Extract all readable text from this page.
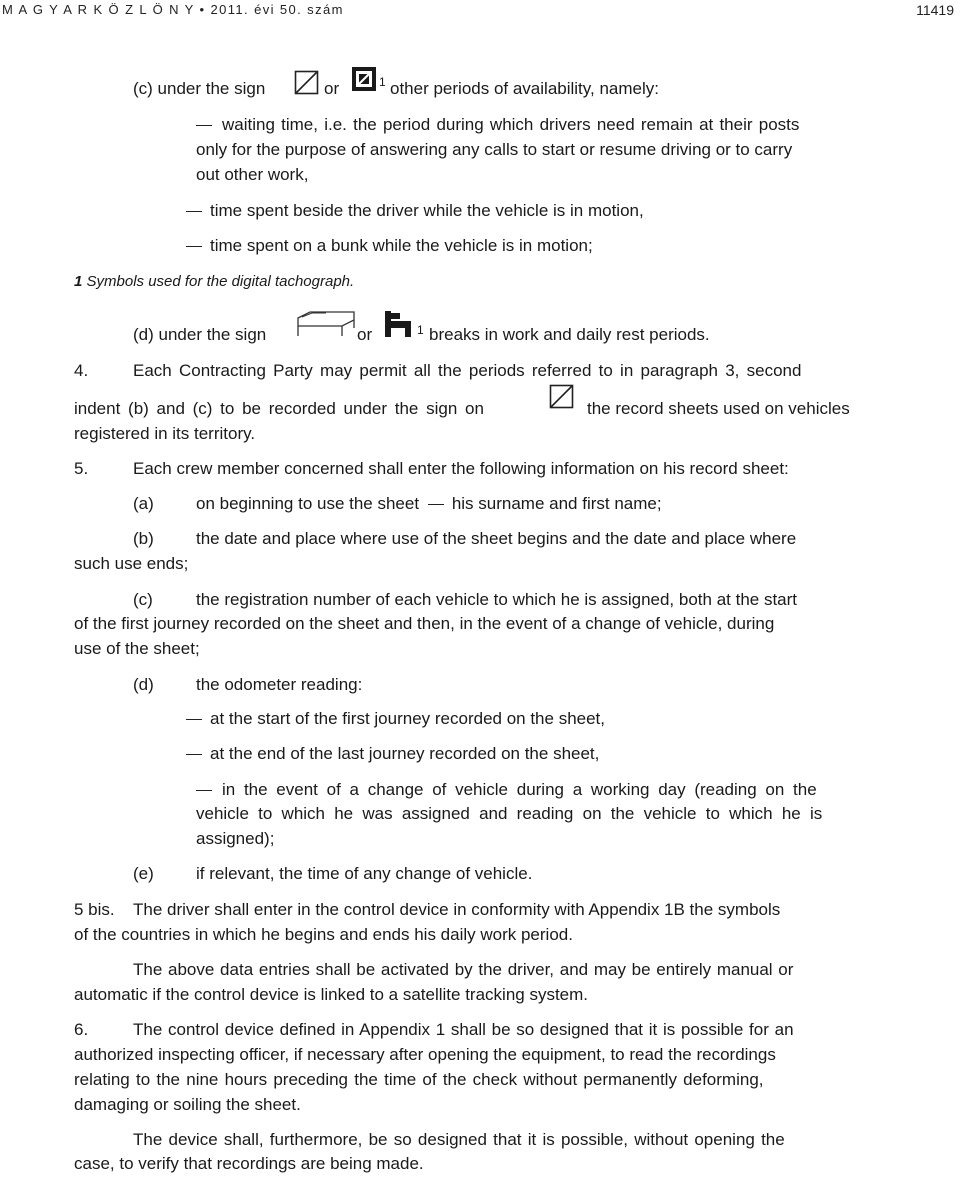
M A G Y A R K Ö Z L Ö N Y • 2011. évi 50. szám	11419
(c) under the sign	or	1 other periods of availability, namely:
waiting time, i.e. the period during which drivers need remain at their posts
only for the purpose of answering any calls to start or resume driving or to carry
out other work,
time spent beside the driver while the vehicle is in motion,
time spent on a bunk while the vehicle is in motion;
1 Symbols used for the digital tachograph.
(d) under the sign	or	1 breaks in work and daily rest periods.
4.	Each Contracting Party may permit all the periods referred to in paragraph 3, second
indent (b) and (c) to be recorded under the sign on	the record sheets used on vehicles
registered in its territory.
5.	Each crew member concerned shall enter the following information on his record sheet:
(a) on beginning to use the sheet his surname and first name;
(b) the date and place where use of the sheet begins and the date and place where
such use ends;
(c)	the registration number of each vehicle to which he is assigned, both at the start
of the first journey recorded on the sheet and then, in the event of a change of vehicle, during
use of the sheet;
(d) the odometer reading:
at the start of the first journey recorded on the sheet,
at the end of the last journey recorded on the sheet,
in the event of a change of vehicle during a working day (reading on the
vehicle to which he was assigned and reading on the vehicle to which he is
assigned);
(e) if relevant, the time of any change of vehicle.
5 bis. The driver shall enter in the control device in conformity with Appendix 1B the symbols
of the countries in which he begins and ends his daily work period.
The above data entries shall be activated by the driver, and may be entirely manual or
automatic if the control device is linked to a satellite tracking system.
6.	The control device defined in Appendix 1 shall be so designed that it is possible for an
authorized inspecting officer, if necessary after opening the equipment, to read the recordings
relating to the nine hours preceding the time of the check without permanently deforming,
damaging or soiling the sheet.
The device shall, furthermore, be so designed that it is possible, without opening the
case, to verify that recordings are being made.
